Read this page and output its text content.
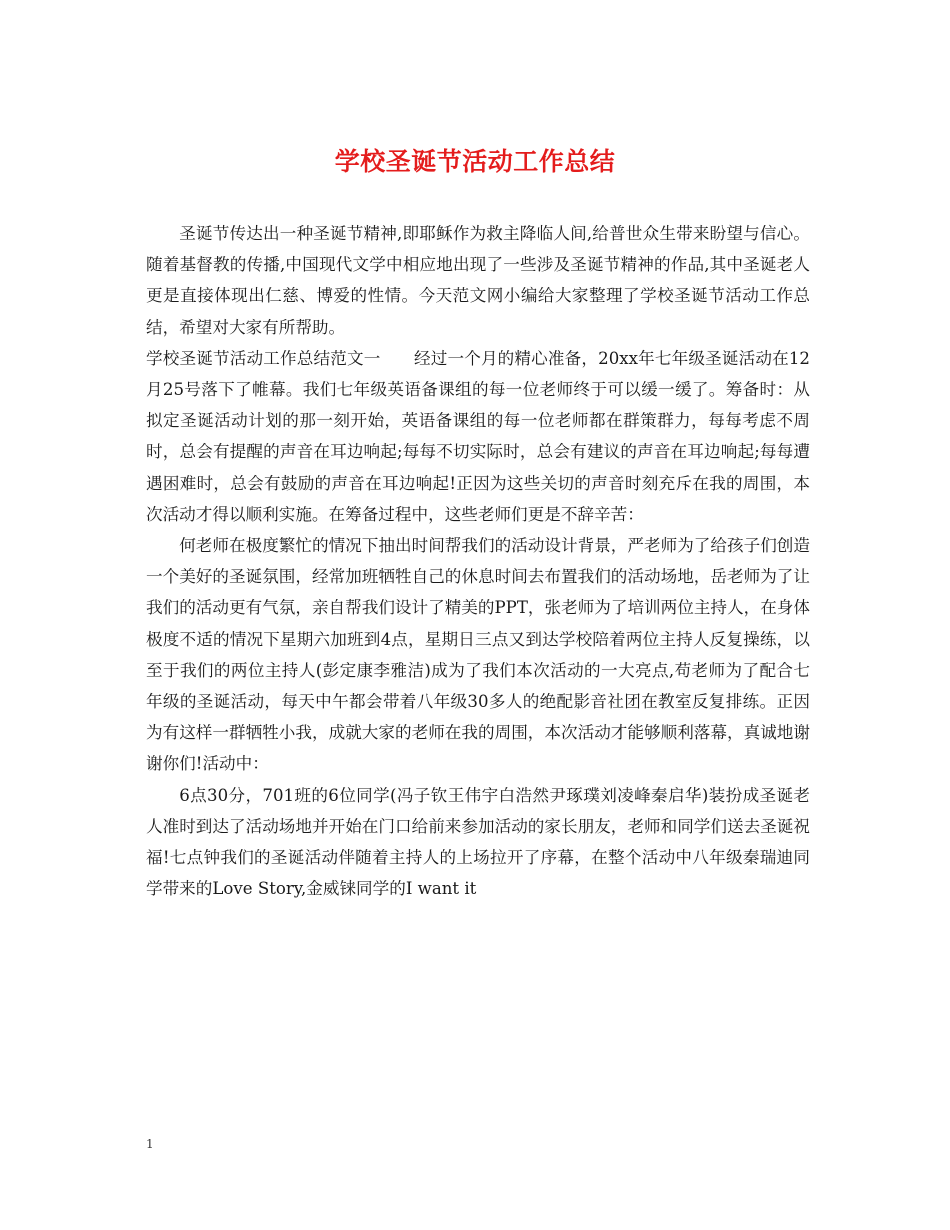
学校圣诞节活动工作总结

圣诞节传达出一种圣诞节精神,即耶稣作为救主降临人间,给普世众生带来盼望与信心。随着基督教的传播,中国现代文学中相应地出现了一些涉及圣诞节精神的作品,其中圣诞老人更是直接体现出仁慈、博爱的性情。今天范文网小编给大家整理了学校圣诞节活动工作总结，希望对大家有所帮助。

学校圣诞节活动工作总结范文一　　经过一个月的精心准备，20xx年七年级圣诞活动在12月25号落下了帷幕。我们七年级英语备课组的每一位老师终于可以缓一缓了。筹备时：从拟定圣诞活动计划的那一刻开始，英语备课组的每一位老师都在群策群力，每每考虑不周时，总会有提醒的声音在耳边响起;每每不切实际时，总会有建议的声音在耳边响起;每每遭遇困难时，总会有鼓励的声音在耳边响起!正因为这些关切的声音时刻充斥在我的周围，本次活动才得以顺利实施。在筹备过程中，这些老师们更是不辞辛苦：

何老师在极度繁忙的情况下抽出时间帮我们的活动设计背景，严老师为了给孩子们创造一个美好的圣诞氛围，经常加班牺牲自己的休息时间去布置我们的活动场地，岳老师为了让我们的活动更有气氛，亲自帮我们设计了精美的PPT，张老师为了培训两位主持人，在身体极度不适的情况下星期六加班到4点，星期日三点又到达学校陪着两位主持人反复操练，以至于我们的两位主持人(彭定康李雅洁)成为了我们本次活动的一大亮点,苟老师为了配合七年级的圣诞活动，每天中午都会带着八年级30多人的绝配影音社团在教室反复排练。正因为有这样一群牺牲小我，成就大家的老师在我的周围，本次活动才能够顺利落幕，真诚地谢谢你们!活动中：

6点30分，701班的6位同学(冯子钦王伟宇白浩然尹琢璞刘凌峰秦启华)装扮成圣诞老人准时到达了活动场地并开始在门口给前来参加活动的家长朋友，老师和同学们送去圣诞祝福!七点钟我们的圣诞活动伴随着主持人的上场拉开了序幕，在整个活动中八年级秦瑞迪同学带来的Love Story,金威铼同学的I want it

1
